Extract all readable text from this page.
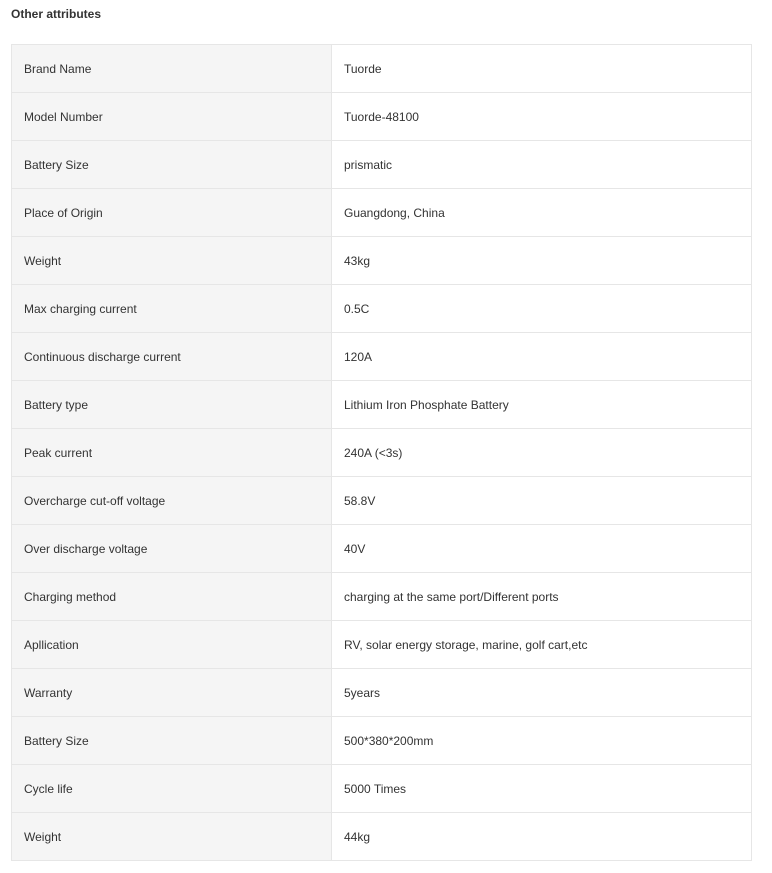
Other attributes
Brand Name	Tuorde
Model Number	Tuorde-48100
Battery Size	prismatic
Place of Origin	Guangdong, China
Weight	43kg
Max charging current	0.5C
Continuous discharge current	120A
Battery type	Lithium Iron Phosphate Battery
Peak current	240A (<3s)
Overcharge cut-off voltage	58.8V
Over discharge voltage	40V
Charging method	charging at the same port/Different ports
Apllication	RV, solar energy storage, marine, golf cart,etc
Warranty	5years
Battery Size	500*380*200mm
Cycle life	5000 Times
Weight	44kg
